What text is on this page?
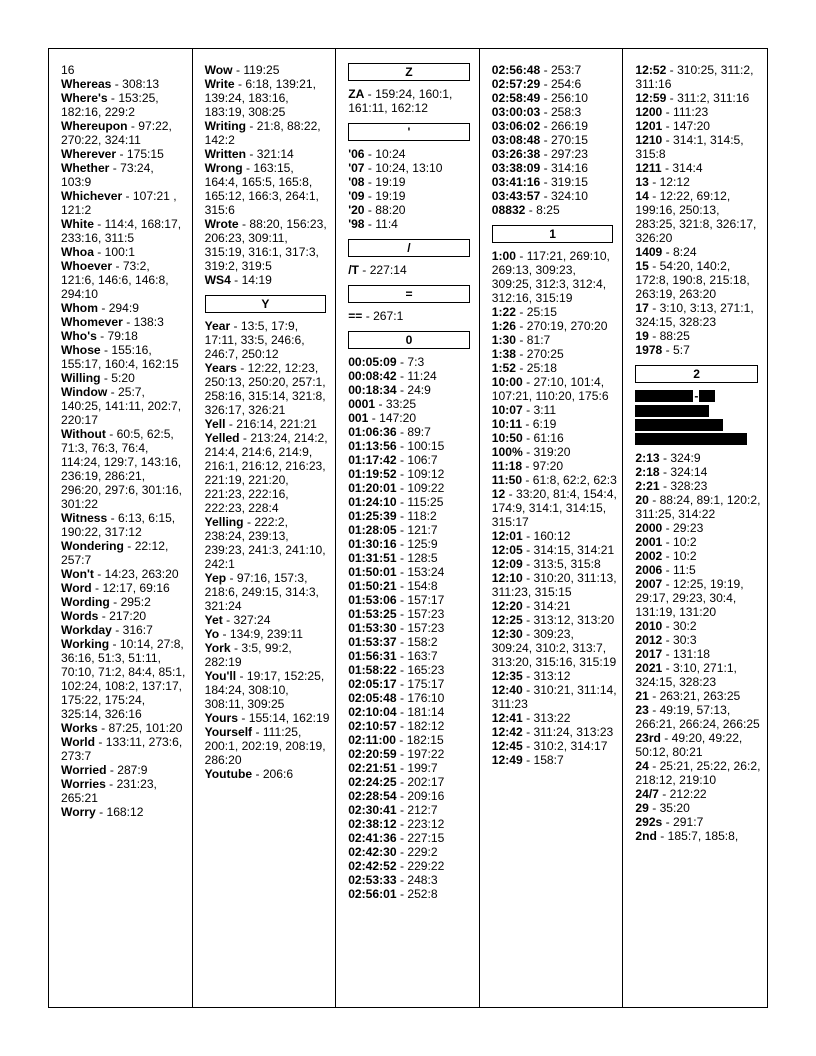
16
Whereas - 308:13
Where's - 153:25, 182:16, 229:2
Whereupon - 97:22, 270:22, 324:11
Wherever - 175:15
Whether - 73:24, 103:9
Whichever - 107:21 , 121:2
White - 114:4, 168:17, 233:16, 311:5
Whoa - 100:1
Whoever - 73:2, 121:6, 146:6, 146:8, 294:10
Whom - 294:9
Whomever - 138:3
Who's - 79:18
Whose - 155:16, 155:17, 160:4, 162:15
Willing - 5:20
Window - 25:7, 140:25, 141:11, 202:7, 220:17
Without - 60:5, 62:5, 71:3, 76:3, 76:4, 114:24, 129:7, 143:16, 236:19, 286:21, 296:20, 297:6, 301:16, 301:22
Witness - 6:13, 6:15, 190:22, 317:12
Wondering - 22:12, 257:7
Won't - 14:23, 263:20
Word - 12:17, 69:16
Wording - 295:2
Words - 217:20
Workday - 316:7
Working - 10:14, 27:8, 36:16, 51:3, 51:11, 70:10, 71:2, 84:4, 85:1, 102:24, 108:2, 137:17, 175:22, 175:24, 325:14, 326:16
Works - 87:25, 101:20
World - 133:11, 273:6, 273:7
Worried - 287:9
Worries - 231:23, 265:21
Worry - 168:12
Wow - 119:25
Write - 6:18, 139:21, 139:24, 183:16, 183:19, 308:25
Writing - 21:8, 88:22, 142:2
Written - 321:14
Wrong - 163:15, 164:4, 165:5, 165:8, 165:12, 166:3, 264:1, 315:6
Wrote - 88:20, 156:23, 206:23, 309:11, 315:19, 316:1, 317:3, 319:2, 319:5
WS4 - 14:19
Y
Year - 13:5, 17:9, 17:11, 33:5, 246:6, 246:7, 250:12
Years - 12:22, 12:23, 250:13, 250:20, 257:1, 258:16, 315:14, 321:8, 326:17, 326:21
Yell - 216:14, 221:21
Yelled - 213:24, 214:2, 214:4, 214:6, 214:9, 216:1, 216:12, 216:23, 221:19, 221:20, 221:23, 222:16, 222:23, 228:4
Yelling - 222:2, 238:24, 239:13, 239:23, 241:3, 241:10, 242:1
Yep - 97:16, 157:3, 218:6, 249:15, 314:3, 321:24
Yet - 327:24
Yo - 134:9, 239:11
York - 3:5, 99:2, 282:19
You'll - 19:17, 152:25, 184:24, 308:10, 308:11, 309:25
Yours - 155:14, 162:19
Yourself - 111:25, 200:1, 202:19, 208:19, 286:20
Youtube - 206:6
Z
ZA - 159:24, 160:1, 161:11, 162:12
'
'06 - 10:24
'07 - 10:24, 13:10
'08 - 19:19
'09 - 19:19
'20 - 88:20
'98 - 11:4
/
/T - 227:14
=
== - 267:1
0
00:05:09 - 7:3
00:08:42 - 11:24
00:18:34 - 24:9
0001 - 33:25
001 - 147:20
01:06:36 - 89:7
01:13:56 - 100:15
01:17:42 - 106:7
01:19:52 - 109:12
01:20:01 - 109:22
01:24:10 - 115:25
01:25:39 - 118:2
01:28:05 - 121:7
01:30:16 - 125:9
01:31:51 - 128:5
01:50:01 - 153:24
01:50:21 - 154:8
01:53:06 - 157:17
01:53:25 - 157:23
01:53:30 - 157:23
01:53:37 - 158:2
01:56:31 - 163:7
01:58:22 - 165:23
02:05:17 - 175:17
02:05:48 - 176:10
02:10:04 - 181:14
02:10:57 - 182:12
02:11:00 - 182:15
02:20:59 - 197:22
02:21:51 - 199:7
02:24:25 - 202:17
02:28:54 - 209:16
02:30:41 - 212:7
02:38:12 - 223:12
02:41:36 - 227:15
02:42:30 - 229:2
02:42:52 - 229:22
02:53:33 - 248:3
02:56:01 - 252:8
02:56:48 - 253:7
02:57:29 - 254:6
02:58:49 - 256:10
03:00:03 - 258:3
03:06:02 - 266:19
03:08:48 - 270:15
03:26:38 - 297:23
03:38:09 - 314:16
03:41:16 - 319:15
03:43:57 - 324:10
08832 - 8:25
1
1:00 - 117:21, 269:10, 269:13, 309:23, 309:25, 312:3, 312:4, 312:16, 315:19
1:22 - 25:15
1:26 - 270:19, 270:20
1:30 - 81:7
1:38 - 270:25
1:52 - 25:18
10:00 - 27:10, 101:4, 107:21, 110:20, 175:6
10:07 - 3:11
10:11 - 6:19
10:50 - 61:16
100% - 319:20
11:18 - 97:20
11:50 - 61:8, 62:2, 62:3
12 - 33:20, 81:4, 154:4, 174:9, 314:1, 314:15, 315:17
12:01 - 160:12
12:05 - 314:15, 314:21
12:09 - 313:5, 315:8
12:10 - 310:20, 311:13, 311:23, 315:15
12:20 - 314:21
12:25 - 313:12, 313:20
12:30 - 309:23, 309:24, 310:2, 313:7, 313:20, 315:16, 315:19
12:35 - 313:12
12:40 - 310:21, 311:14, 311:23
12:41 - 313:22
12:42 - 311:24, 313:23
12:45 - 310:2, 314:17
12:49 - 158:7
12:52 - 310:25, 311:2, 311:16
12:59 - 311:2, 311:16
1200 - 111:23
1201 - 147:20
1210 - 314:1, 314:5, 315:8
1211 - 314:4
13 - 12:12
14 - 12:22, 69:12, 199:16, 250:13, 283:25, 321:8, 326:17, 326:20
1409 - 8:24
15 - 54:20, 140:2, 172:8, 190:8, 215:18, 263:19, 263:20
17 - 3:10, 3:13, 271:1, 324:15, 328:23
19 - 88:25
1978 - 5:7
2
-
2:13 - 324:9
2:18 - 324:14
2:21 - 328:23
20 - 88:24, 89:1, 120:2, 311:25, 314:22
2000 - 29:23
2001 - 10:2
2002 - 10:2
2006 - 11:5
2007 - 12:25, 19:19, 29:17, 29:23, 30:4, 131:19, 131:20
2010 - 30:2
2012 - 30:3
2017 - 131:18
2021 - 3:10, 271:1, 324:15, 328:23
21 - 263:21, 263:25
23 - 49:19, 57:13, 266:21, 266:24, 266:25
23rd - 49:20, 49:22, 50:12, 80:21
24 - 25:21, 25:22, 26:2, 218:12, 219:10
24/7 - 212:22
29 - 35:20
292s - 291:7
2nd - 185:7, 185:8,
